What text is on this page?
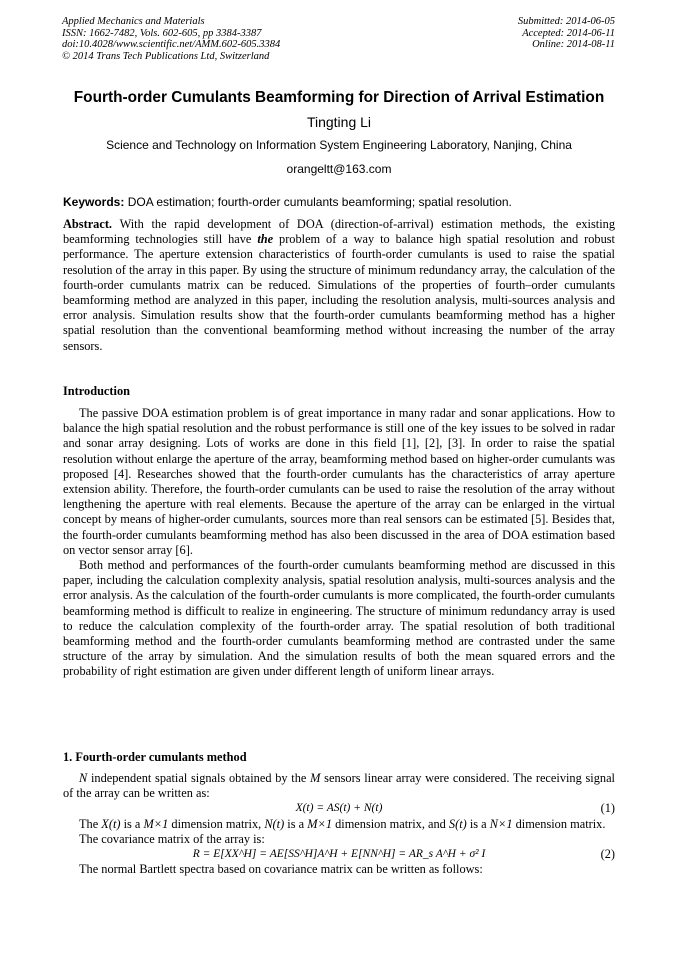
Applied Mechanics and Materials
ISSN: 1662-7482, Vols. 602-605, pp 3384-3387
doi:10.4028/www.scientific.net/AMM.602-605.3384
© 2014 Trans Tech Publications Ltd, Switzerland
Submitted: 2014-06-05
Accepted: 2014-06-11
Online: 2014-08-11
Fourth-order Cumulants Beamforming for Direction of Arrival Estimation
Tingting Li
Science and Technology on Information System Engineering Laboratory, Nanjing, China
orangeltt@163.com
Keywords: DOA estimation; fourth-order cumulants beamforming; spatial resolution.

Abstract. With the rapid development of DOA (direction-of-arrival) estimation methods, the existing beamforming technologies still have the problem of a way to balance high spatial resolution and robust performance. The aperture extension characteristics of fourth-order cumulants is used to raise the spatial resolution of the array in this paper. By using the structure of minimum redundancy array, the calculation of the fourth-order cumulants matrix can be reduced. Simulations of the properties of fourth–order cumulants beamforming method are analyzed in this paper, including the resolution analysis, multi-sources analysis and error analysis. Simulation results show that the fourth-order cumulants beamforming method has a higher spatial resolution than the conventional beamforming method without increasing the number of the array sensors.

Introduction

The passive DOA estimation problem is of great importance in many radar and sonar applications. How to balance the high spatial resolution and the robust performance is still one of the key issues to be solved in radar and sonar array designing. Lots of works are done in this field [1], [2], [3]. In order to raise the spatial resolution without enlarge the aperture of the array, beamforming method based on higher-order cumulants was proposed [4]. Researches showed that the fourth-order cumulants has the characteristics of array aperture extension ability. Therefore, the fourth-order cumulants can be used to raise the resolution of the array without lengthening the aperture with real elements. Because the aperture of the array can be enlarged in the virtual concept by means of higher-order cumulants, sources more than real sensors can be estimated [5]. Besides that, the fourth-order cumulants beamforming method has also been discussed in the area of DOA estimation based on vector sensor array [6].

Both method and performances of the fourth-order cumulants beamforming method are discussed in this paper, including the calculation complexity analysis, spatial resolution analysis, multi-sources analysis and the error analysis. As the calculation of the fourth-order cumulants is more complicated, the fourth-order cumulants beamforming method is difficult to realize in engineering. The structure of minimum redundancy array is used to reduce the calculation complexity of the fourth-order array. The spatial resolution of both traditional beamforming method and the fourth-order cumulants beamforming method are contrasted under the same structure of the array by simulation. And the simulation results of both the mean squared errors and the probability of right estimation are given under different length of uniform linear arrays.

1. Fourth-order cumulants method

N independent spatial signals obtained by the M sensors linear array were considered. The receiving signal of the array can be written as:

X(t) = AS(t) + N(t)	(1)

The X(t) is a M×1 dimension matrix, N(t) is a M×1 dimension matrix, and S(t) is a N×1 dimension matrix.

The covariance matrix of the array is:

R = E[XX^H] = AE[SS^H]A^H + E[NN^H] = AR_s A^H + σ² I	(2)

The normal Bartlett spectra based on covariance matrix can be written as follows:
